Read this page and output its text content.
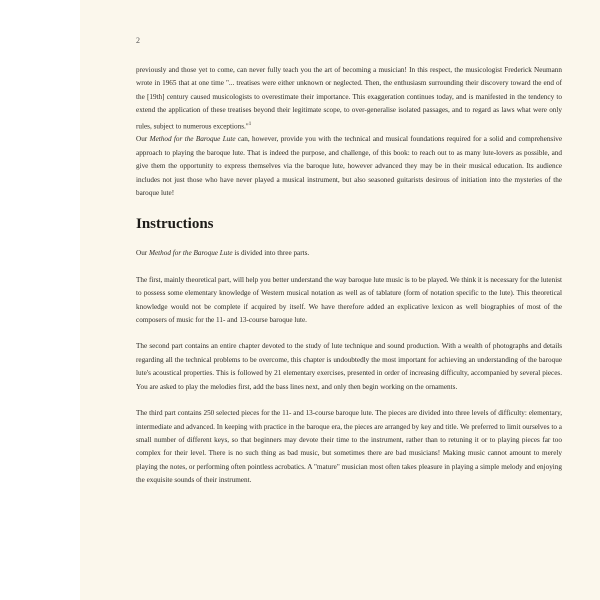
2

previously and those yet to come, can never fully teach you the art of becoming a musician! In this respect, the musicologist Frederick Neumann wrote in 1965 that at one time "... treatises were either unknown or neglected. Then, the enthusiasm surrounding their discovery toward the end of the [19th] century caused musicologists to overestimate their importance. This exaggeration continues today, and is manifested in the tendency to extend the application of these treatises beyond their legitimate scope, to over-generalise isolated passages, and to regard as laws what were only rules, subject to numerous exceptions."$^1$

Our Method for the Baroque Lute can, however, provide you with the technical and musical foundations required for a solid and comprehensive approach to playing the baroque lute. That is indeed the purpose, and challenge, of this book: to reach out to as many lute-lovers as possible, and give them the opportunity to express themselves via the baroque lute, however advanced they may be in their musical education. Its audience includes not just those who have never played a musical instrument, but also seasoned guitarists desirous of initiation into the mysteries of the baroque lute!

Instructions

Our Method for the Baroque Lute is divided into three parts.

The first, mainly theoretical part, will help you better understand the way baroque lute music is to be played. We think it is necessary for the lutenist to possess some elementary knowledge of Western musical notation as well as of tablature (form of notation specific to the lute). This theoretical knowledge would not be complete if acquired by itself. We have therefore added an explicative lexicon as well biographies of most of the composers of music for the 11- and 13-course baroque lute.

The second part contains an entire chapter devoted to the study of lute technique and sound production. With a wealth of photographs and details regarding all the technical problems to be overcome, this chapter is undoubtedly the most important for achieving an understanding of the baroque lute's acoustical properties. This is followed by 21 elementary exercises, presented in order of increasing difficulty, accompanied by several pieces. You are asked to play the melodies first, add the bass lines next, and only then begin working on the ornaments.

The third part contains 250 selected pieces for the 11- and 13-course baroque lute. The pieces are divided into three levels of difficulty: elementary, intermediate and advanced. In keeping with practice in the baroque era, the pieces are arranged by key and title. We preferred to limit ourselves to a small number of different keys, so that beginners may devote their time to the instrument, rather than to retuning it or to playing pieces far too complex for their level. There is no such thing as bad music, but sometimes there are bad musicians! Making music cannot amount to merely playing the notes, or performing often pointless acrobatics. A "mature" musician most often takes pleasure in playing a simple melody and enjoying the exquisite sounds of their instrument.
